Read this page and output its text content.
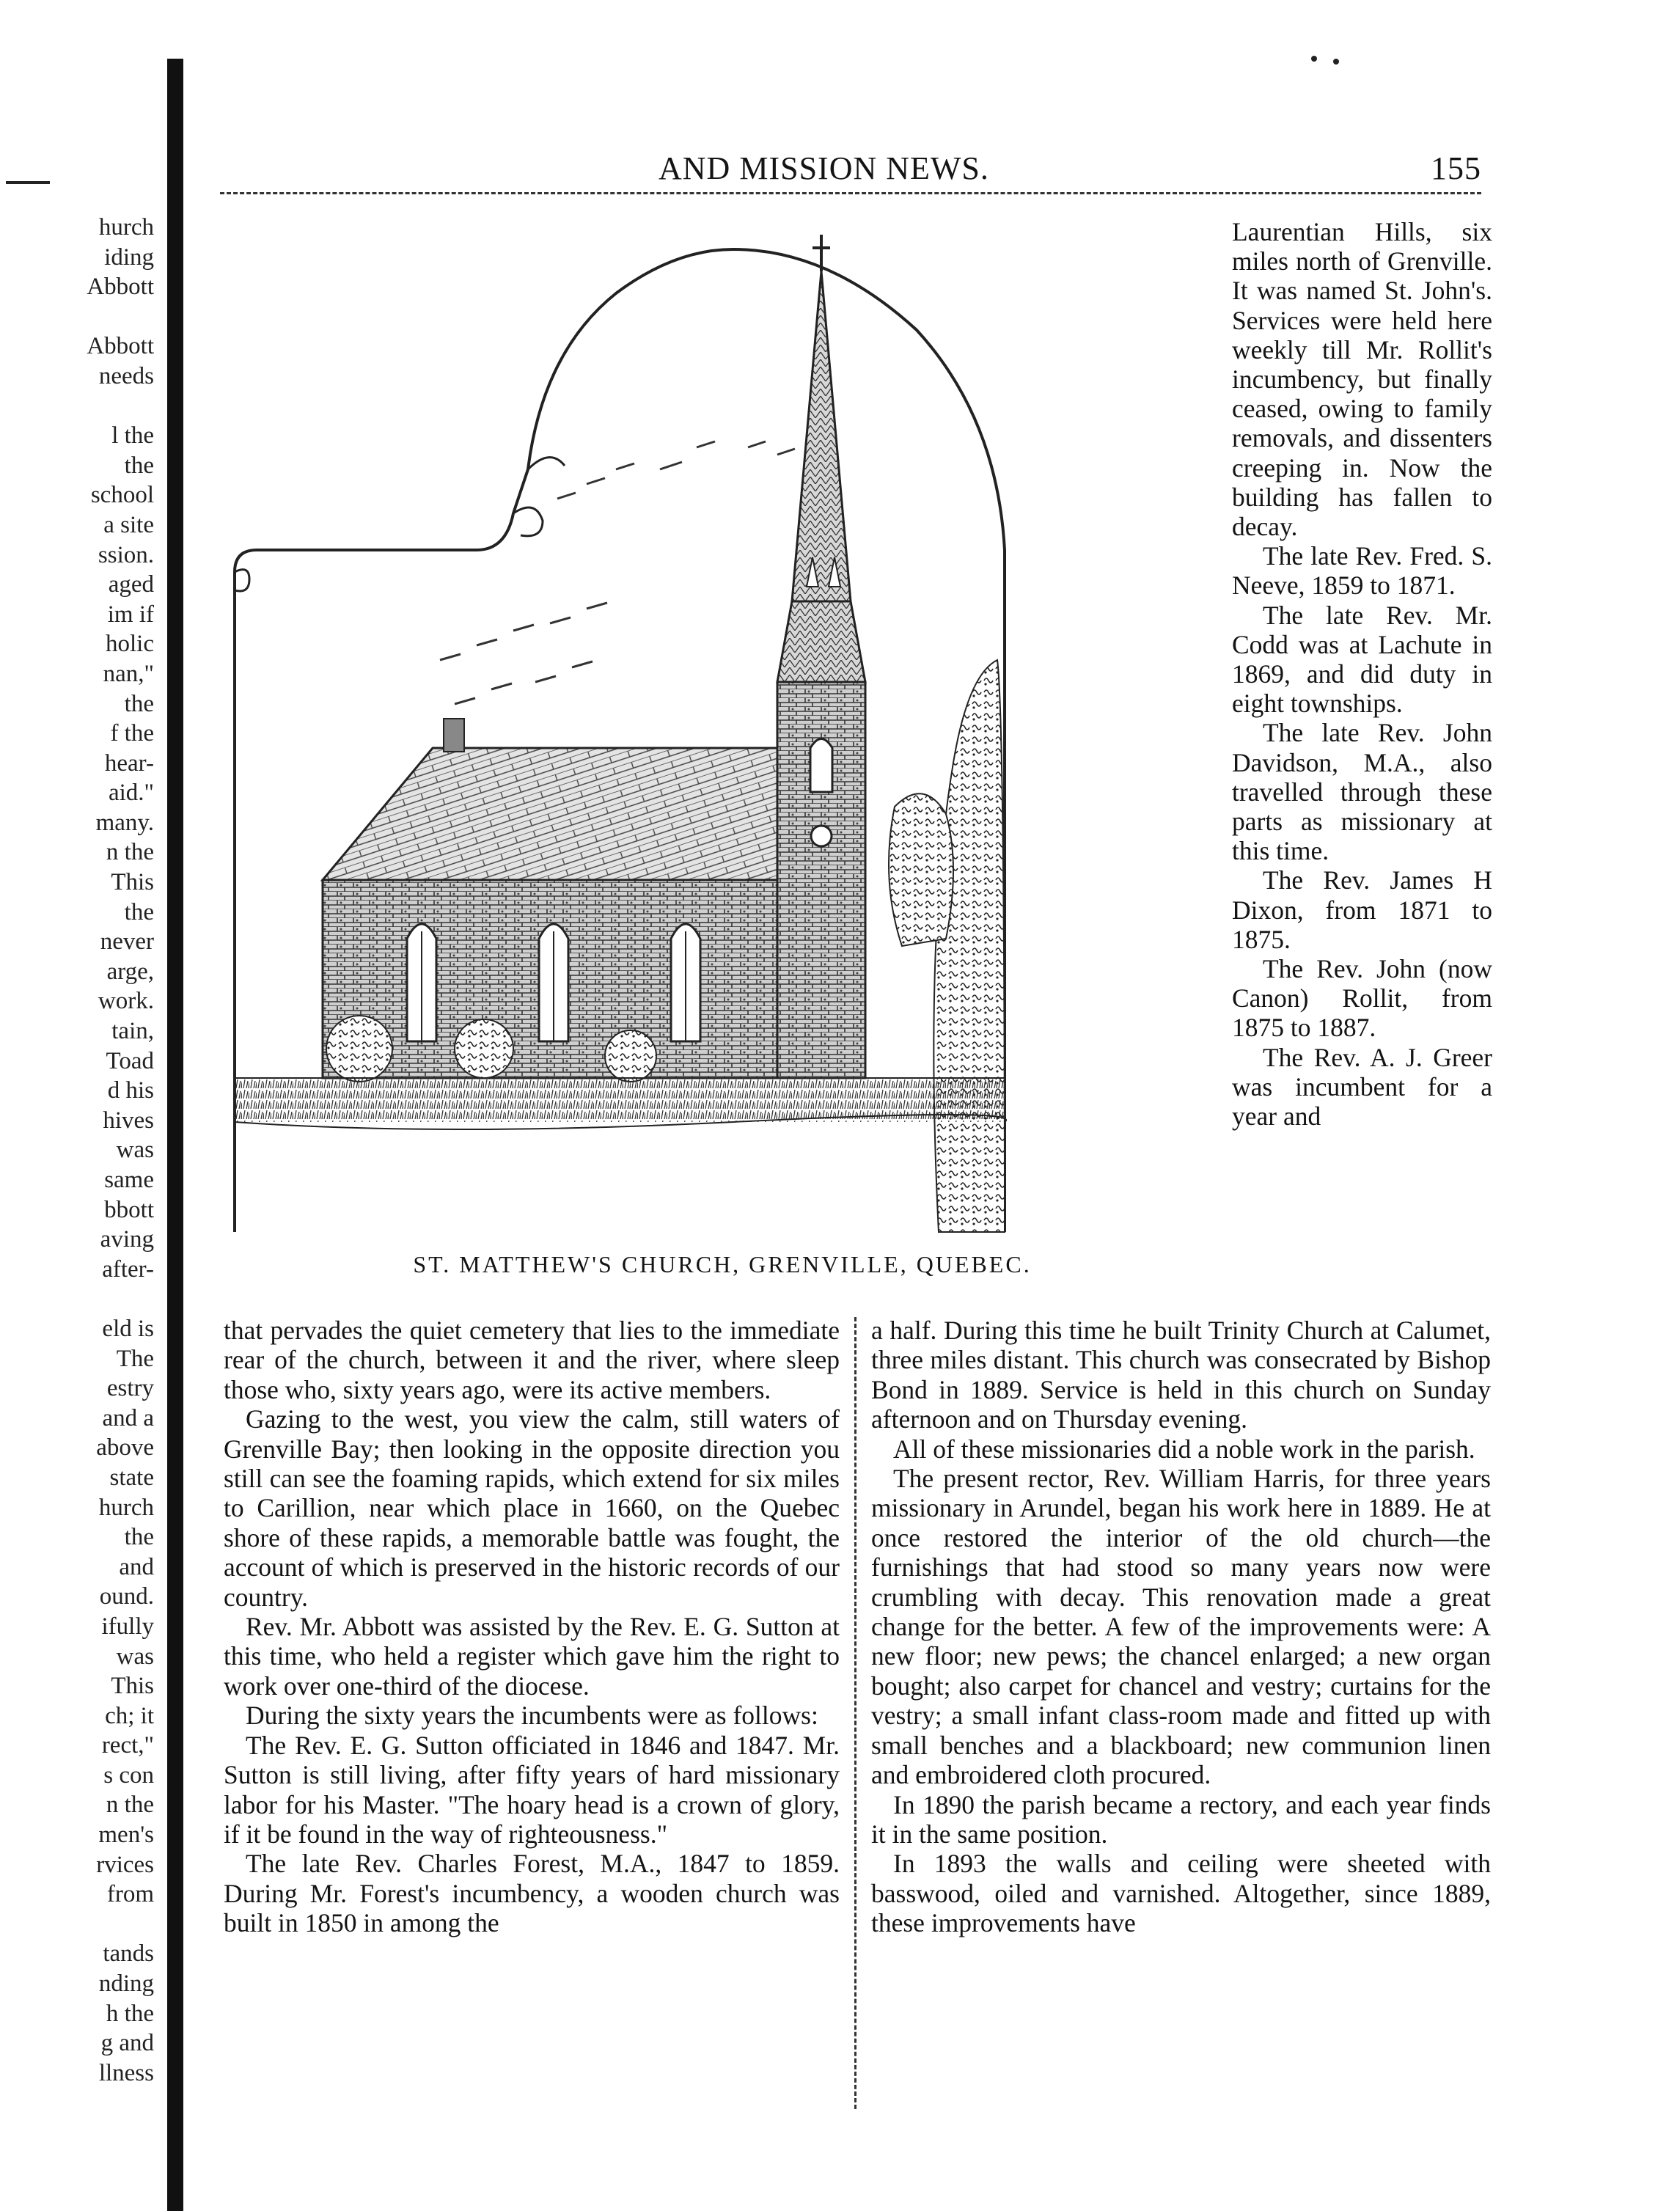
hurch
iding
Abbott
Abbott
needs
l the
the
school
a site
ssion.
aged
im if
holic
nan,"
the
f the
hear-
aid."
many.
n the
This
the
never
arge,
work.
tain,
Toad
d his
hives
was
same
bbott
aving
after-
eld is
The
estry
and a
above
state
hurch
the
and
ound.
ifully
was
This
ch; it
rect,"
s con
n the
men's
rvices
from
tands
nding
h the
g and
llness
AND MISSION NEWS.	155
ST. MATTHEW'S CHURCH, GRENVILLE, QUEBEC.

Laurentian Hills, six miles north of Grenville. It was named St. John's. Services were held here weekly till Mr. Rollit's incumbency, but finally ceased, owing to family removals, and dissenters creeping in. Now the building has fallen to decay.

The late Rev. Fred. S. Neeve, 1859 to 1871.

The late Rev. Mr. Codd was at Lachute in 1869, and did duty in eight townships.

The late Rev. John Davidson, M.A., also travelled through these parts as missionary at this time.

The Rev. James H Dixon, from 1871 to 1875.

The Rev. John (now Canon) Rollit, from 1875 to 1887.

The Rev. A. J. Greer was incumbent for a year and

that pervades the quiet cemetery that lies to the immediate rear of the church, between it and the river, where sleep those who, sixty years ago, were its active members.

Gazing to the west, you view the calm, still waters of Grenville Bay; then looking in the opposite direction you still can see the foaming rapids, which extend for six miles to Carillion, near which place in 1660, on the Quebec shore of these rapids, a memorable battle was fought, the account of which is preserved in the historic records of our country.

Rev. Mr. Abbott was assisted by the Rev. E. G. Sutton at this time, who held a register which gave him the right to work over one-third of the diocese.

During the sixty years the incumbents were as follows:

The Rev. E. G. Sutton officiated in 1846 and 1847. Mr. Sutton is still living, after fifty years of hard missionary labor for his Master. "The hoary head is a crown of glory, if it be found in the way of righteousness."

The late Rev. Charles Forest, M.A., 1847 to 1859. During Mr. Forest's incumbency, a wooden church was built in 1850 in among the

a half. During this time he built Trinity Church at Calumet, three miles distant. This church was consecrated by Bishop Bond in 1889. Service is held in this church on Sunday afternoon and on Thursday evening.

All of these missionaries did a noble work in the parish.

The present rector, Rev. William Harris, for three years missionary in Arundel, began his work here in 1889. He at once restored the interior of the old church—the furnishings that had stood so many years now were crumbling with decay. This renovation made a great change for the better. A few of the improvements were: A new floor; new pews; the chancel enlarged; a new organ bought; also carpet for chancel and vestry; curtains for the vestry; a small infant class-room made and fitted up with small benches and a blackboard; new communion linen and embroidered cloth procured.

In 1890 the parish became a rectory, and each year finds it in the same position.

In 1893 the walls and ceiling were sheeted with basswood, oiled and varnished. Altogether, since 1889, these improvements have
